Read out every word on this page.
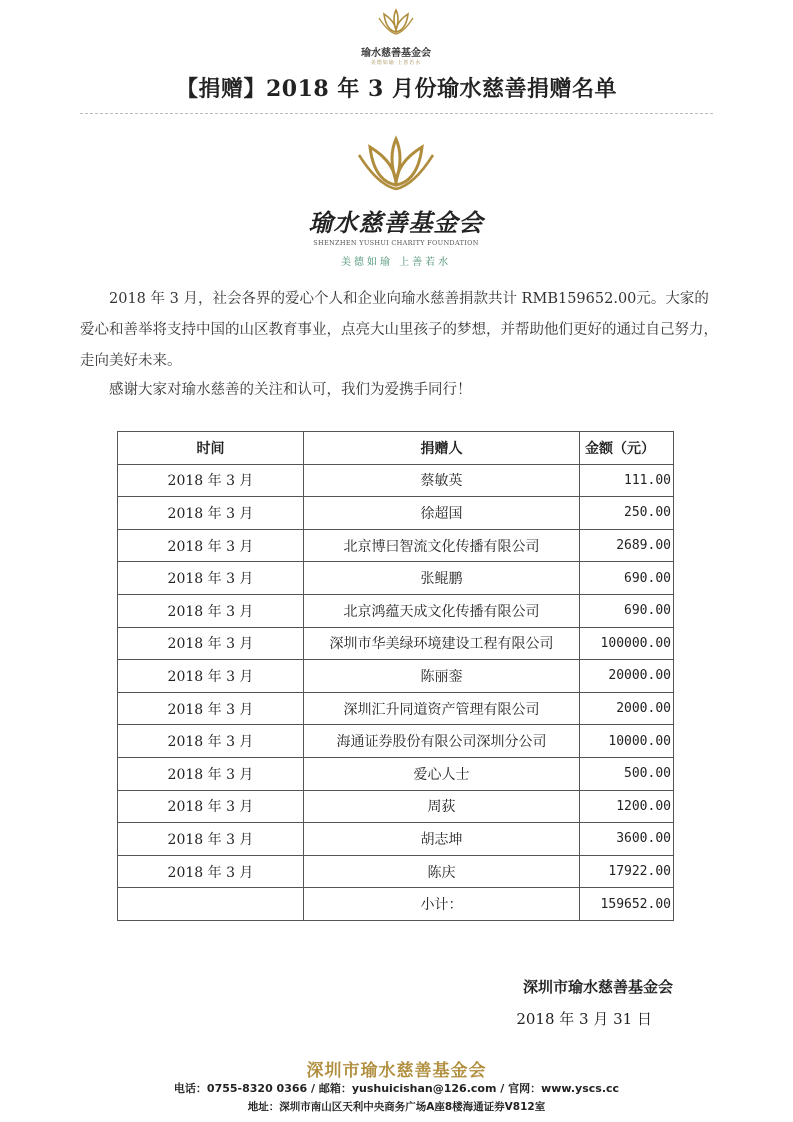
瑜水慈善基金会
美德如瑜 上善若水
【捐赠】2018 年 3 月份瑜水慈善捐赠名单
瑜水慈善基金会
SHENZHEN YUSHUI CHARITY FOUNDATION
美德如瑜 上善若水
2018 年 3 月，社会各界的爱心个人和企业向瑜水慈善捐款共计 RMB159652.00元。大家的爱心和善举将支持中国的山区教育事业，点亮大山里孩子的梦想，并帮助他们更好的通过自己努力，走向美好未来。
感谢大家对瑜水慈善的关注和认可，我们为爱携手同行！
时间	捐赠人	金额（元）
2018 年 3 月	蔡敏英	111.00
2018 年 3 月	徐超国	250.00
2018 年 3 月	北京博曰智流文化传播有限公司	2689.00
2018 年 3 月	张鲲鹏	690.00
2018 年 3 月	北京鸿蕴天成文化传播有限公司	690.00
2018 年 3 月	深圳市华美绿环境建设工程有限公司	100000.00
2018 年 3 月	陈丽銮	20000.00
2018 年 3 月	深圳汇升同道资产管理有限公司	2000.00
2018 年 3 月	海通证券股份有限公司深圳分公司	10000.00
2018 年 3 月	爱心人士	500.00
2018 年 3 月	周荻	1200.00
2018 年 3 月	胡志坤	3600.00
2018 年 3 月	陈庆	17922.00
	小计：	159652.00
深圳市瑜水慈善基金会
2018 年 3 月 31 日
深圳市瑜水慈善基金会
电话：0755-8320 0366 / 邮箱：yushuicishan@126.com / 官网：www.yscs.cc
地址：深圳市南山区天利中央商务广场A座8楼海通证券V812室
